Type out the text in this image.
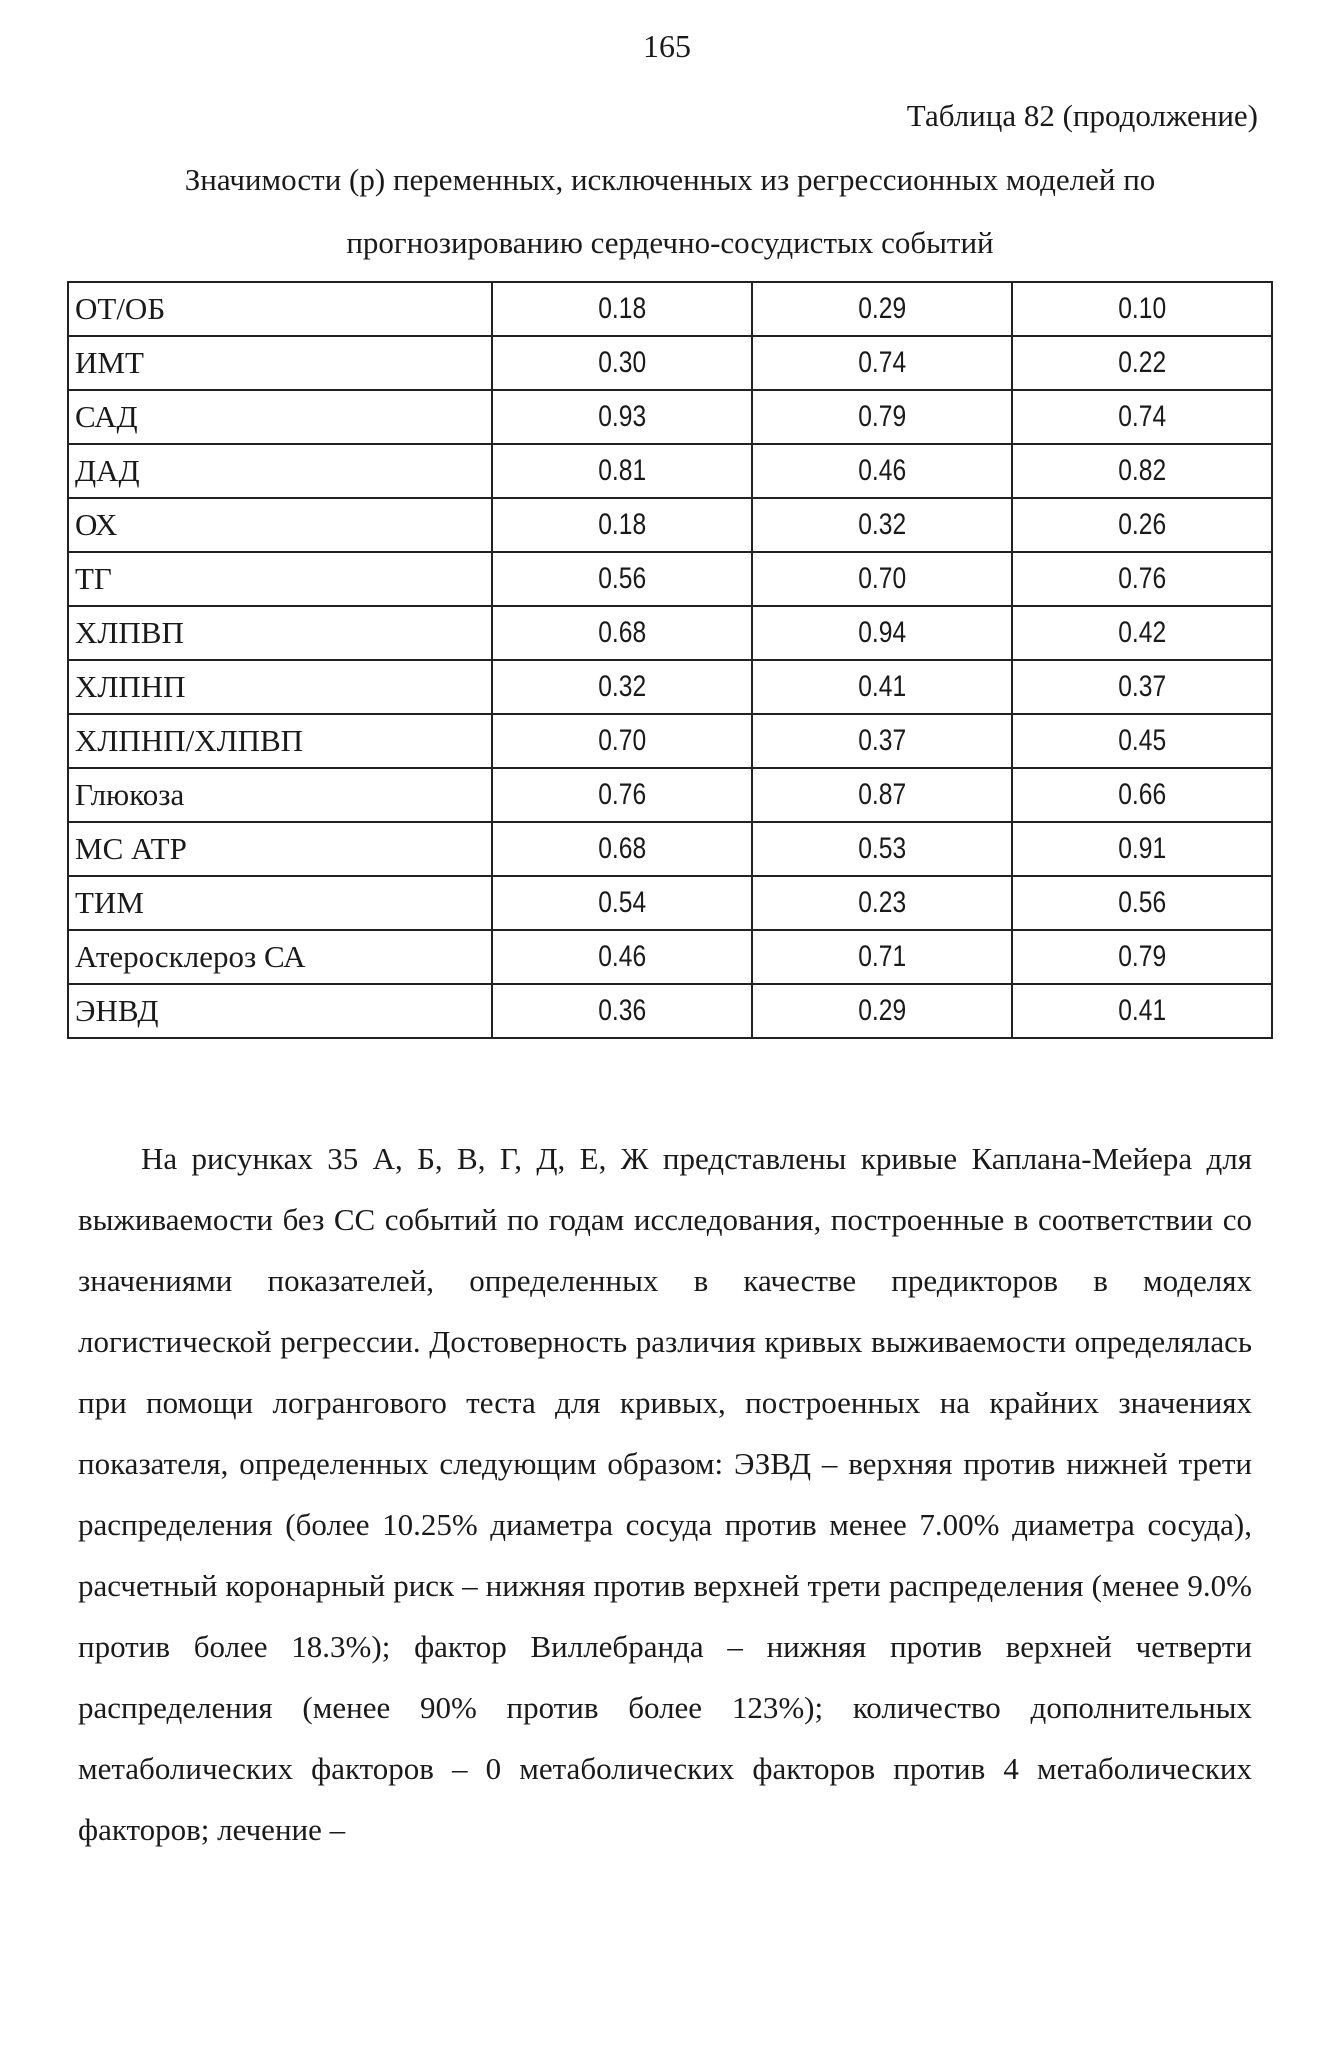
165
Таблица 82 (продолжение)
Значимости (р) переменных, исключенных из регрессионных моделей по прогнозированию сердечно-сосудистых событий
ОТ/ОБ	0.18	0.29	0.10
ИМТ	0.30	0.74	0.22
САД	0.93	0.79	0.74
ДАД	0.81	0.46	0.82
ОХ	0.18	0.32	0.26
ТГ	0.56	0.70	0.76
ХЛПВП	0.68	0.94	0.42
ХЛПНП	0.32	0.41	0.37
ХЛПНП/ХЛПВП	0.70	0.37	0.45
Глюкоза	0.76	0.87	0.66
МС АТР	0.68	0.53	0.91
ТИМ	0.54	0.23	0.56
Атеросклероз СА	0.46	0.71	0.79
ЭНВД	0.36	0.29	0.41

На рисунках 35 А, Б, В, Г, Д, Е, Ж представлены кривые Каплана-Мейера для выживаемости без СС событий по годам исследования, построенные в соответствии со значениями показателей, определенных в качестве предикторов в моделях логистической регрессии. Достоверность различия кривых выживаемости определялась при помощи логрангового теста для кривых, построенных на крайних значениях показателя, определенных следующим образом: ЭЗВД – верхняя против нижней трети распределения (более 10.25% диаметра сосуда против менее 7.00% диаметра сосуда), расчетный коронарный риск – нижняя против верхней трети распределения (менее 9.0% против более 18.3%); фактор Виллебранда – нижняя против верхней четверти распределения (менее 90% против более 123%); количество дополнительных метаболических факторов – 0 метаболических факторов против 4 метаболических факторов; лечение –
